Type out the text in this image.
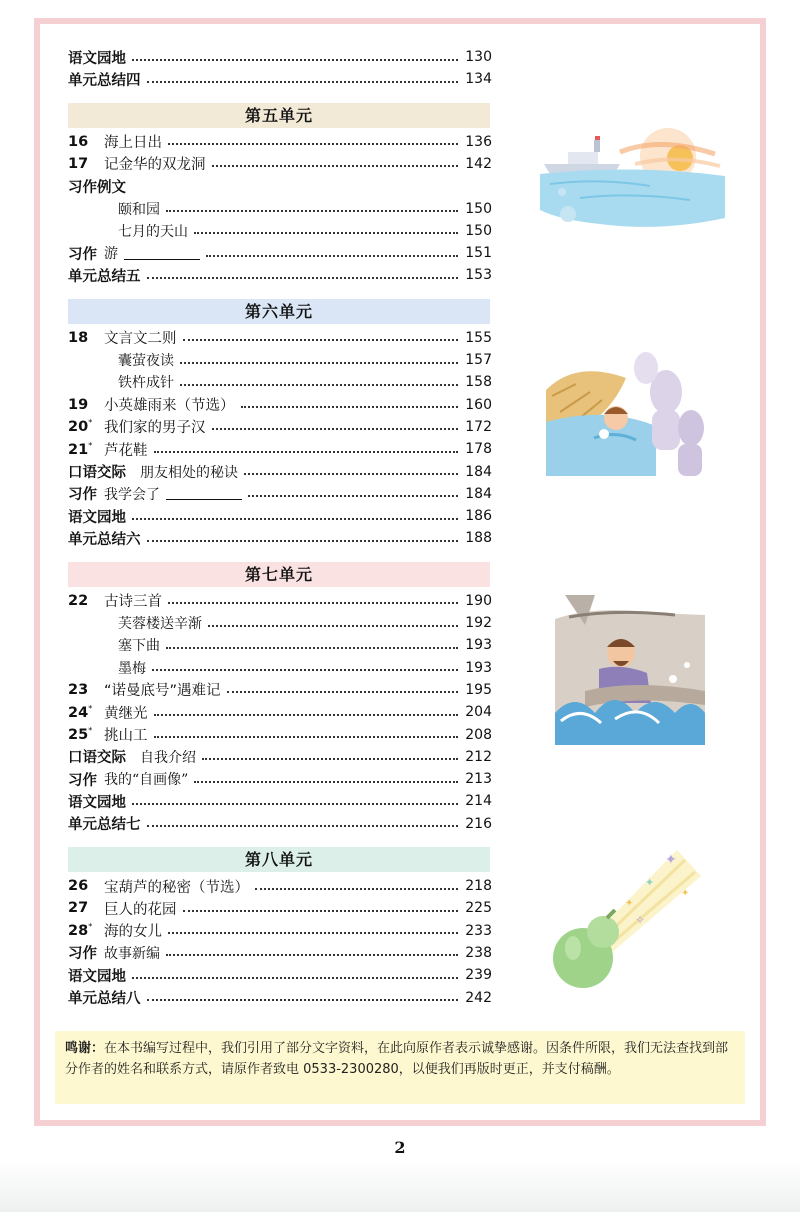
语文园地	130
单元总结四	134
第五单元
16	海上日出	136
17	记金华的双龙洞	142
习作例文
颐和园	150
七月的天山	150
习作 游	151
单元总结五	153
第六单元
18	文言文二则	155
囊萤夜读	157
铁杵成针	158
19	小英雄雨来（节选）	160
20* 我们家的男子汉	172
21* 芦花鞋	178
口语交际 朋友相处的秘诀	184
习作 我学会了	184
语文园地	186
单元总结六	188
第七单元
22	古诗三首	190
芙蓉楼送辛渐	192
塞下曲	193
墨梅	193
23	“诺曼底号”遇难记	195
24* 黄继光	204
25* 挑山工	208
口语交际 自我介绍	212
习作 我的“自画像”	213
语文园地	214
单元总结七	216
第八单元
26	宝葫芦的秘密（节选）	218
27	巨人的花园	225
28* 海的女儿	233
习作 故事新编	238
语文园地	239
单元总结八	242
✦
✦
✦
✦
✧
鸣谢：在本书编写过程中，我们引用了部分文字资料，在此向原作者表示诚挚感谢。因条件所限，我们无法查找到部分作者的姓名和联系方式，请原作者致电 0533-2300280，以便我们再版时更正，并支付稿酬。
2
